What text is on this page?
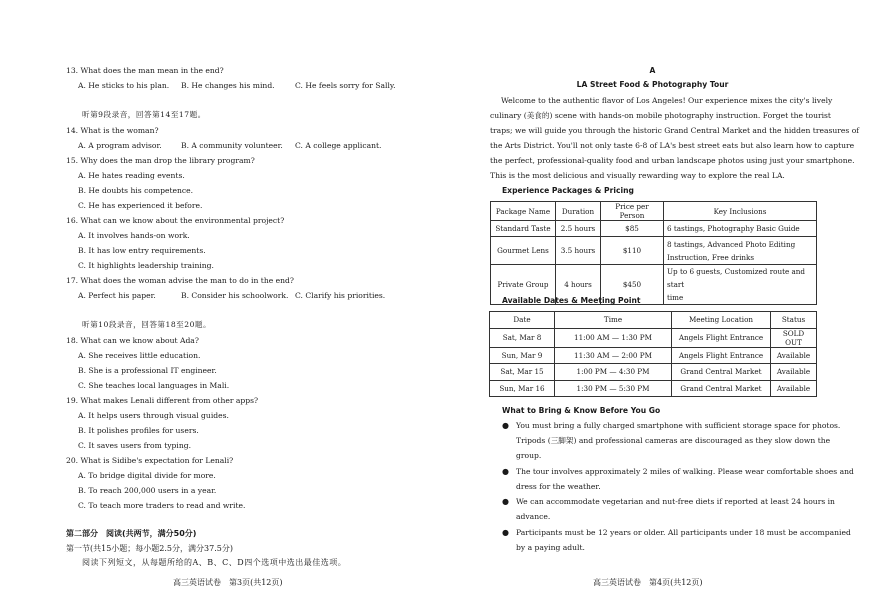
13. What does the man mean in the end?
A. He sticks to his plan. B. He changes his mind.	C. He feels sorry for Sally.
听第9段录音，回答第14至17题。
14. What is the woman?
A. A program advisor.	B. A community volunteer. C. A college applicant.
15. Why does the man drop the library program?
A. He hates reading events.
B. He doubts his competence.
C. He has experienced it before.
16. What can we know about the environmental project?
A. It involves hands-on work.
B. It has low entry requirements.
C. It highlights leadership training.
17. What does the woman advise the man to do in the end?
A. Perfect his paper.	B. Consider his schoolwork. C. Clarify his priorities.
听第10段录音，回答第18至20题。
18. What can we know about Ada?
A. She receives little education.
B. She is a professional IT engineer.
C. She teaches local languages in Mali.
19. What makes Lenali different from other apps?
A. It helps users through visual guides.
B. It polishes profiles for users.
C. It saves users from typing.
20. What is Sidibe's expectation for Lenali?
A. To bridge digital divide for more.
B. To reach 200,000 users in a year.
C. To teach more traders to read and write.
第二部分　阅读(共两节，满分50分)
第一节(共15小题；每小题2.5分，满分37.5分)
阅读下列短文，从每题所给的A、B、C、D四个选项中选出最佳选项。
高三英语试卷　第3页(共12页)
A
LA Street Food & Photography Tour
Welcome to the authentic flavor of Los Angeles! Our experience mixes the city's lively
culinary (美食的) scene with hands-on mobile photography instruction. Forget the tourist
traps; we will guide you through the historic Grand Central Market and the hidden treasures of
the Arts District. You'll not only taste 6-8 of LA's best street eats but also learn how to capture
the perfect, professional-quality food and urban landscape photos using just your smartphone.
This is the most delicious and visually rewarding way to explore the real LA.
Experience Packages & Pricing
Package Name	Duration	Price per Person	Key Inclusions
Standard Taste	2.5 hours	$85	6 tastings, Photography Basic Guide

Gourmet Lens	3.5 hours	$110	8 tastings, Advanced Photo Editing
Instruction, Free drinks

Private Group	4 hours	$450	Up to 6 guests, Customized route and start
time
Available Dates & Meeting Point
Date	Time	Meeting Location	Status
Sat, Mar 8	11:00 AM — 1:30 PM	Angels Flight Entrance	SOLD OUT
Sun, Mar 9	11:30 AM — 2:00 PM	Angels Flight Entrance	Available
Sat, Mar 15	1:00 PM — 4:30 PM	Grand Central Market	Available
Sun, Mar 16	1:30 PM — 5:30 PM	Grand Central Market	Available
What to Bring & Know Before You Go
● You must bring a fully charged smartphone with sufficient storage space for photos.
Tripods (三脚架) and professional cameras are discouraged as they slow down the
group.
● The tour involves approximately 2 miles of walking. Please wear comfortable shoes and
dress for the weather.
● We can accommodate vegetarian and nut-free diets if reported at least 24 hours in
advance.
● Participants must be 12 years or older. All participants under 18 must be accompanied
by a paying adult.
高三英语试卷　第4页(共12页)
